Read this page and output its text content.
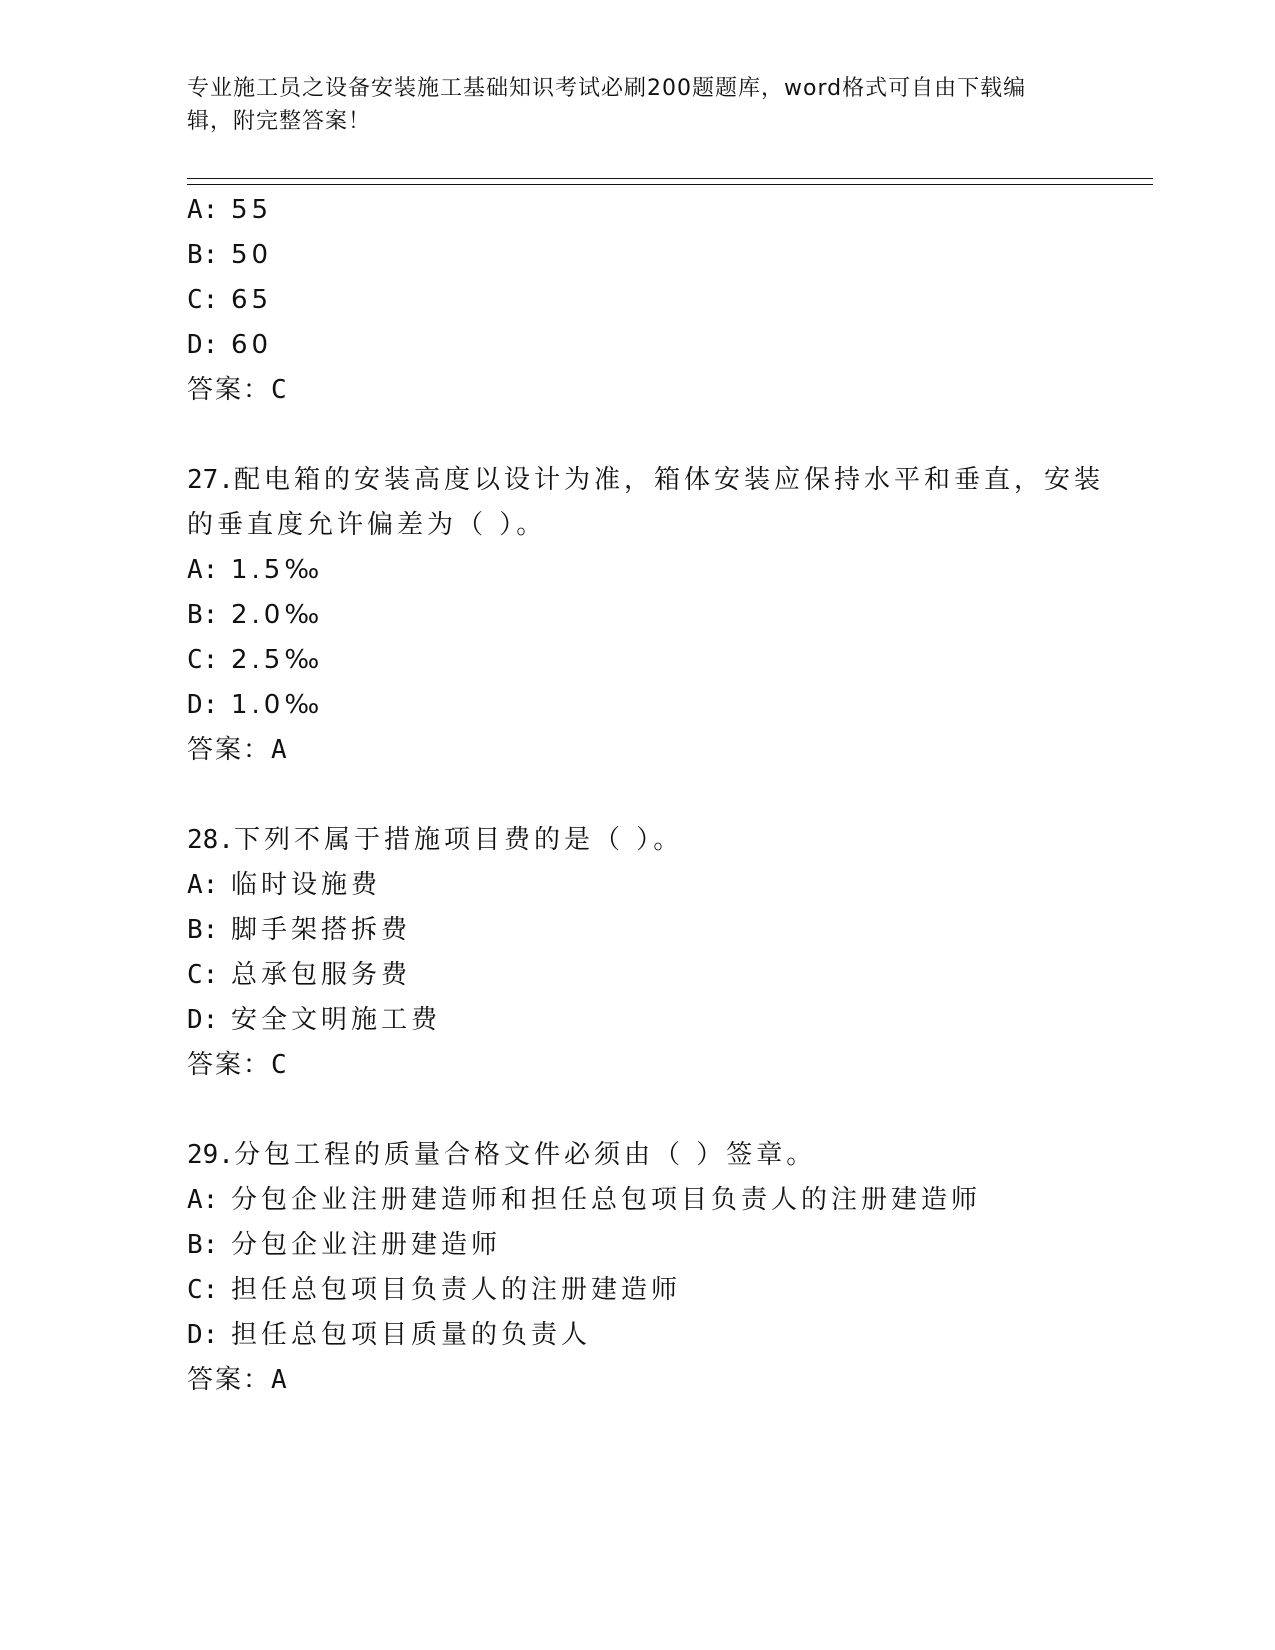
专业施工员之设备安装施工基础知识考试必刷200题题库，word格式可自由下载编辑，附完整答案！
A: 55
B: 50
C: 65
D: 60
答案：C
27.配电箱的安装高度以设计为准，箱体安装应保持水平和垂直，安装
的垂直度允许偏差为（ ）。
A: 1.5‰
B: 2.0‰
C: 2.5‰
D: 1.0‰
答案：A
28.下列不属于措施项目费的是（ ）。
A: 临时设施费
B: 脚手架搭拆费
C: 总承包服务费
D: 安全文明施工费
答案：C
29.分包工程的质量合格文件必须由（ ）签章。
A: 分包企业注册建造师和担任总包项目负责人的注册建造师
B: 分包企业注册建造师
C: 担任总包项目负责人的注册建造师
D: 担任总包项目质量的负责人
答案：A
